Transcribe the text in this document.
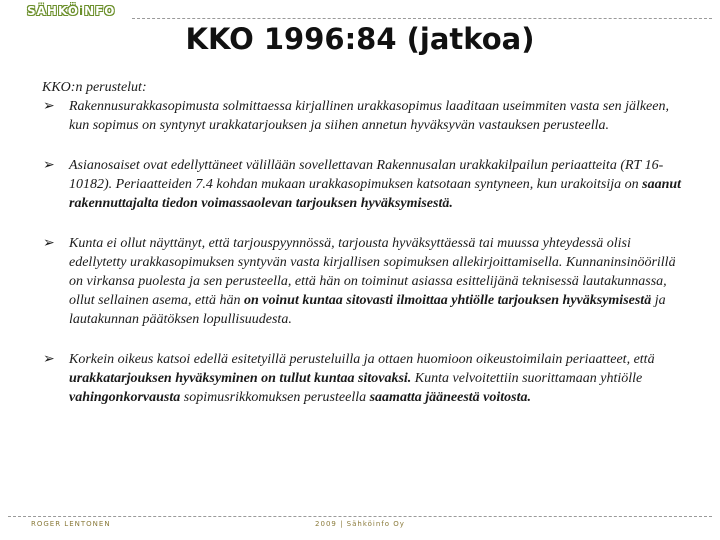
SÄHKÖiNFO
KKO 1996:84 (jatkoa)

KKO:n perustelut:

➢ Rakennusurakkasopimusta solmittaessa kirjallinen urakkasopimus laaditaan useimmiten vasta sen jälkeen, kun sopimus on syntynyt urakkatarjouksen ja siihen annetun hyväksyvän vastauksen perusteella.

➢ Asianosaiset ovat edellyttäneet välillään sovellettavan Rakennusalan urakkakilpailun periaatteita (RT 16-10182). Periaatteiden 7.4 kohdan mukaan urakkasopimuksen katsotaan syntyneen, kun urakoitsija on saanut rakennuttajalta tiedon voimassaolevan tarjouksen hyväksymisestä.

➢ Kunta ei ollut näyttänyt, että tarjouspyynnössä, tarjousta hyväksyttäessä tai muussa yhteydessä olisi edellytetty urakkasopimuksen syntyvän vasta kirjallisen sopimuksen allekirjoittamisella. Kunnaninsinöörillä on virkansa puolesta ja sen perusteella, että hän on toiminut asiassa esittelijänä teknisessä lautakunnassa, ollut sellainen asema, että hän on voinut kuntaa sitovasti ilmoittaa yhtiölle tarjouksen hyväksymisestä ja lautakunnan päätöksen lopullisuudesta.

➢ Korkein oikeus katsoi edellä esitetyillä perusteluilla ja ottaen huomioon oikeustoimilain periaatteet, että urakkatarjouksen hyväksyminen on tullut kuntaa sitovaksi. Kunta velvoitettiin suorittamaan yhtiölle vahingonkorvausta sopimusrikkomuksen perusteella saamatta jääneestä voitosta.

ROGER LENTONEN	2009 | Sähköinfo Oy
